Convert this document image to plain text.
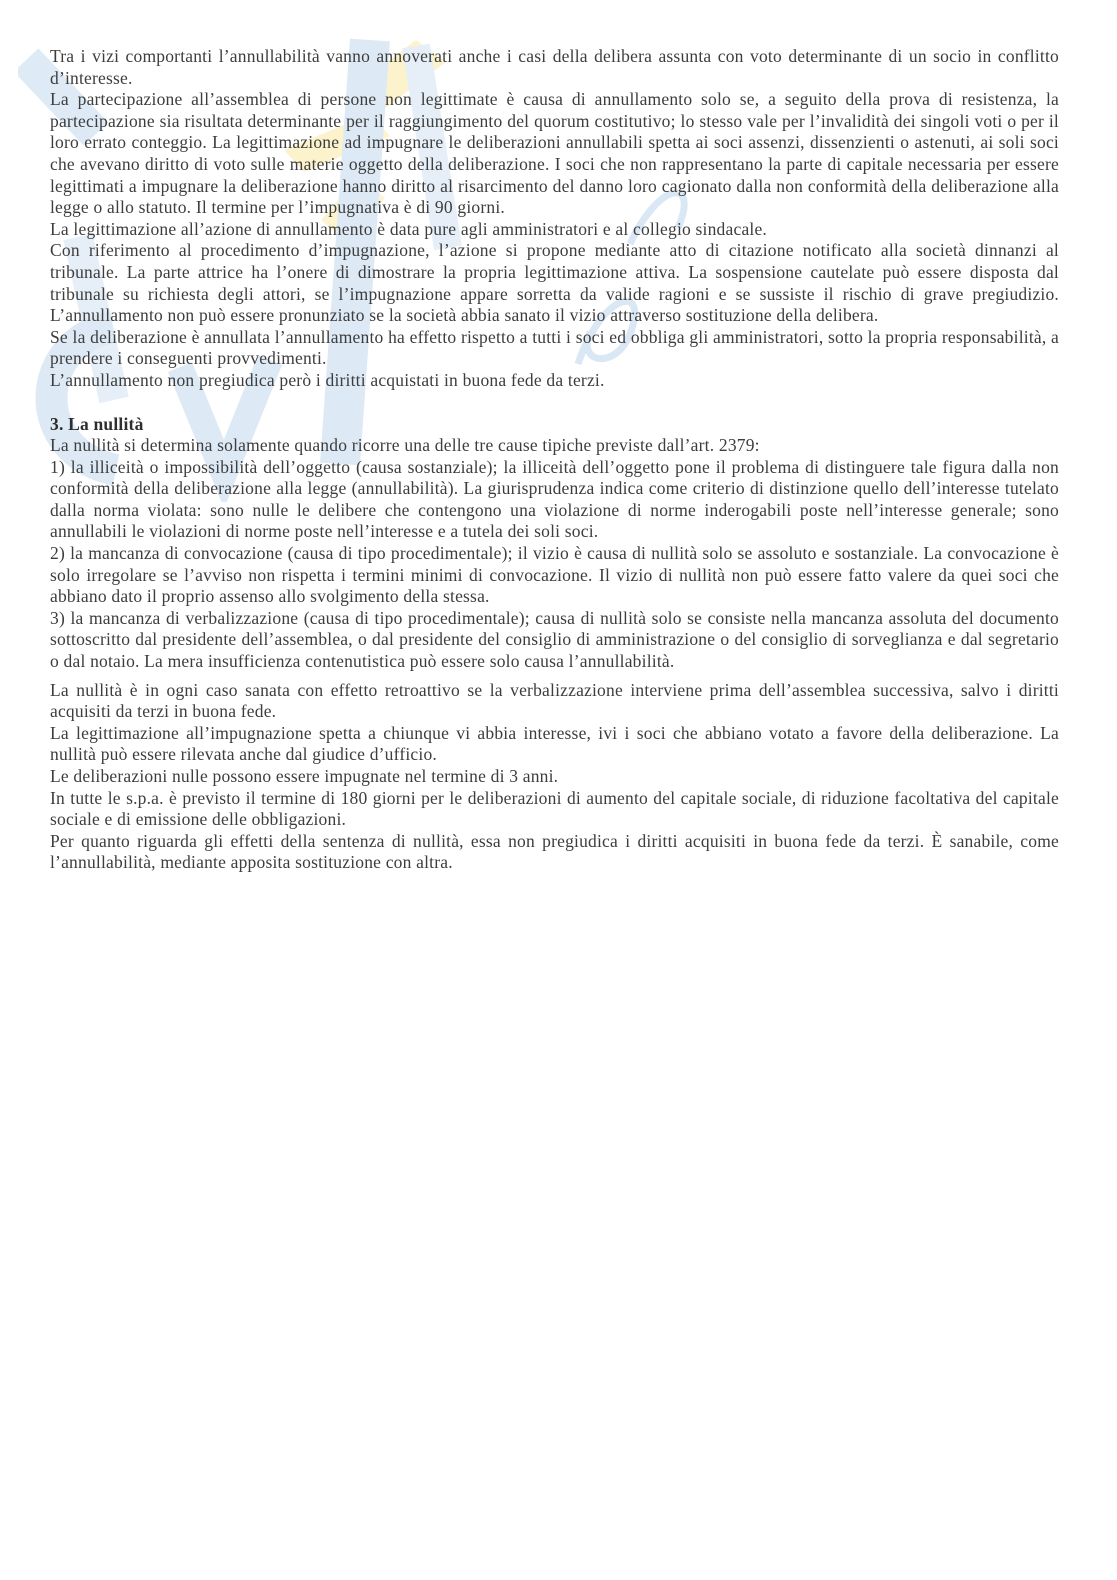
Tra i vizi comportanti l’annullabilità vanno annoverati anche i casi della delibera assunta con voto determinante di un socio in conflitto d’interesse.

La partecipazione all’assemblea di persone non legittimate è causa di annullamento solo se, a seguito della prova di resistenza, la partecipazione sia risultata determinante per il raggiungimento del quorum costitutivo; lo stesso vale per l’invalidità dei singoli voti o per il loro errato conteggio. La legittimazione ad impugnare le deliberazioni annullabili spetta ai soci assenzi, dissenzienti o astenuti, ai soli soci che avevano diritto di voto sulle materie oggetto della deliberazione. I soci che non rappresentano la parte di capitale necessaria per essere legittimati a impugnare la deliberazione hanno diritto al risarcimento del danno loro cagionato dalla non conformità della deliberazione alla legge o allo statuto. Il termine per l’impugnativa è di 90 giorni.

La legittimazione all’azione di annullamento è data pure agli amministratori e al collegio sindacale.

Con riferimento al procedimento d’impugnazione, l’azione si propone mediante atto di citazione notificato alla società dinnanzi al tribunale. La parte attrice ha l’onere di dimostrare la propria legittimazione attiva. La sospensione cautelate può essere disposta dal tribunale su richiesta degli attori, se l’impugnazione appare sorretta da valide ragioni e se sussiste il rischio di grave pregiudizio. L’annullamento non può essere pronunziato se la società abbia sanato il vizio attraverso sostituzione della delibera.

Se la deliberazione è annullata l’annullamento ha effetto rispetto a tutti i soci ed obbliga gli amministratori, sotto la propria responsabilità, a prendere i conseguenti provvedimenti.

L’annullamento non pregiudica però i diritti acquistati in buona fede da terzi.

3. La nullità

La nullità si determina solamente quando ricorre una delle tre cause tipiche previste dall’art. 2379:

1) la illiceità o impossibilità dell’oggetto (causa sostanziale); la illiceità dell’oggetto pone il problema di distinguere tale figura dalla non conformità della deliberazione alla legge (annullabilità). La giurisprudenza indica come criterio di distinzione quello dell’interesse tutelato dalla norma violata: sono nulle le delibere che contengono una violazione di norme inderogabili poste nell’interesse generale; sono annullabili le violazioni di norme poste nell’interesse e a tutela dei soli soci.

2) la mancanza di convocazione (causa di tipo procedimentale); il vizio è causa di nullità solo se assoluto e sostanziale. La convocazione è solo irregolare se l’avviso non rispetta i termini minimi di convocazione. Il vizio di nullità non può essere fatto valere da quei soci che abbiano dato il proprio assenso allo svolgimento della stessa.

3) la mancanza di verbalizzazione (causa di tipo procedimentale); causa di nullità solo se consiste nella mancanza assoluta del documento sottoscritto dal presidente dell’assemblea, o dal presidente del consiglio di amministrazione o del consiglio di sorveglianza e dal segretario o dal notaio. La mera insufficienza contenutistica può essere solo causa l’annullabilità.

La nullità è in ogni caso sanata con effetto retroattivo se la verbalizzazione interviene prima dell’assemblea successiva, salvo i diritti acquisiti da terzi in buona fede.

La legittimazione all’impugnazione spetta a chiunque vi abbia interesse, ivi i soci che abbiano votato a favore della deliberazione. La nullità può essere rilevata anche dal giudice d’ufficio.

Le deliberazioni nulle possono essere impugnate nel termine di 3 anni.

In tutte le s.p.a. è previsto il termine di 180 giorni per le deliberazioni di aumento del capitale sociale, di riduzione facoltativa del capitale sociale e di emissione delle obbligazioni.

Per quanto riguarda gli effetti della sentenza di nullità, essa non pregiudica i diritti acquisiti in buona fede da terzi. È sanabile, come l’annullabilità, mediante apposita sostituzione con altra.
